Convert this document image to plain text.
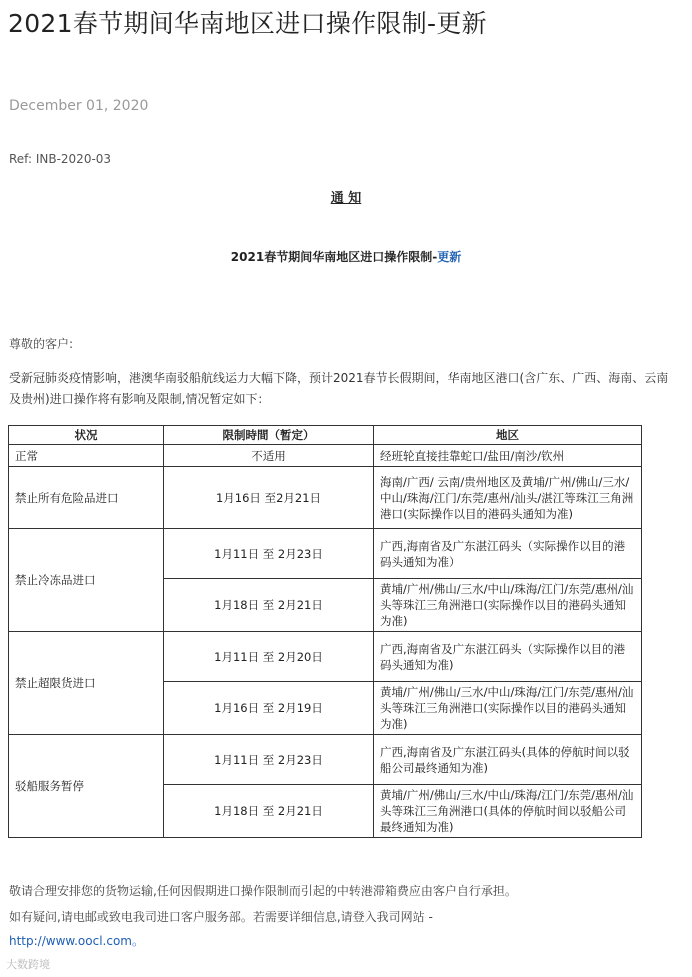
2021春节期间华南地区进口操作限制-更新
December 01, 2020
Ref: INB-2020-03
通 知
2021春节期间华南地区进口操作限制-更新
尊敬的客户:
受新冠肺炎疫情影响，港澳华南驳船航线运力大幅下降，预计2021春节长假期间，华南地区港口(含广东、广西、海南、云南及贵州)进口操作将有影响及限制,情况暂定如下：
状况	限制時間（暂定）	地区
正常	不适用	经班轮直接挂靠蛇口/盐田/南沙/钦州
禁止所有危险品进口	1月16日 至2月21日	海南/广西/ 云南/贵州地区及黄埔/广州/佛山/三水/中山/珠海/江门/东莞/惠州/汕头/湛江等珠江三角洲港口(实际操作以目的港码头通知为准)
禁止冷冻品进口	1月11日 至 2月23日	广西,海南省及广东湛江码头（实际操作以目的港码头通知为准）
	1月18日 至 2月21日	黄埔/广州/佛山/三水/中山/珠海/江门/东莞/惠州/汕头等珠江三角洲港口(实际操作以目的港码头通知为准)
禁止超限货进口	1月11日 至 2月20日	广西,海南省及广东湛江码头（实际操作以目的港码头通知为准)
	1月16日 至 2月19日	黄埔/广州/佛山/三水/中山/珠海/江门/东莞/惠州/汕头等珠江三角洲港口(实际操作以目的港码头通知为准)
驳船服务暂停	1月11日 至 2月23日	广西,海南省及广东湛江码头(具体的停航时间以驳船公司最终通知为准)
	1月18日 至 2月21日	黄埔/广州/佛山/三水/中山/珠海/江门/东莞/惠州/汕头等珠江三角洲港口(具体的停航时间以驳船公司最终通知为准)
敬请合理安排您的货物运输,任何因假期进口操作限制而引起的中转港滞箱费应由客户自行承担。
如有疑问,请电邮或致电我司进口客户服务部。若需要详细信息,请登入我司网站 -
http://www.oocl.com。
大数跨境
